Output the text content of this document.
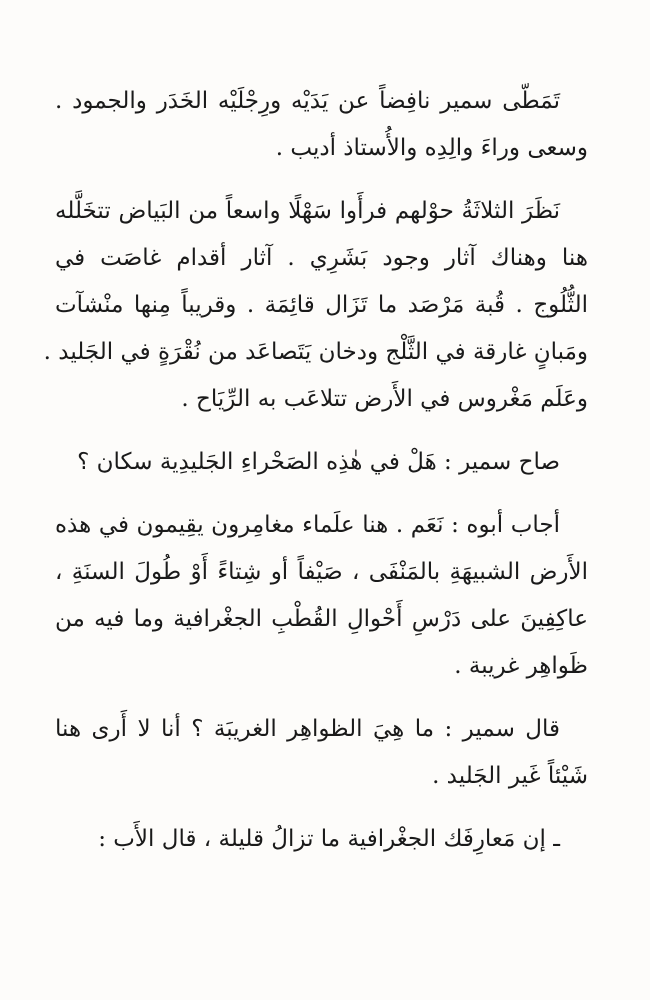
تَمَطّى سمير نافِضاً عن يَدَيْه ورِجْلَيْه الخَدَر والجمود .
وسعى وراءَ والِدِه والأُستاذ أديب .

نَظَرَ الثلاثَةُ حوْلهم فرأَوا سَهْلًا واسعاً من البَياض تتخَلَّله
هنا وهناك آثار وجود بَشَرِي . آثار أقدام غاصَت في
الثُّلُوج . قُبة مَرْصَد ما تَزَال قائِمَة . وقريباً مِنها منْشآت
ومَبانٍ غارقة في الثَّلْج ودخان يَتَصاعَد من نُقْرَةٍ في الجَليد .
وعَلَم مَغْروس في الأَرض تتلاعَب به الرِّيَاح .

صاح سمير : هَلْ في هٰذِه الصَحْراءِ الجَليدِية سكان ؟

أجاب أبوه : نَعَم . هنا علَماء مغامِرون يقِيمون في هذه
الأَرض الشبيهَةِ بالمَنْفَى ، صَيْفاً أو شِتاءً أَوْ طُولَ السنَةِ ،
عاكِفِينَ على دَرْسِ أَحْوالِ القُطْبِ الجغْرافية وما فيه من
ظَواهِر غريبة .

قال سمير : ما هِيَ الظواهِر الغريبَة ؟ أنا لا أَرى هنا
شَيْئاً غَير الجَليد .

ـ إن مَعارِفَك الجغْرافية ما تزالُ قليلة ، قال الأَب :
